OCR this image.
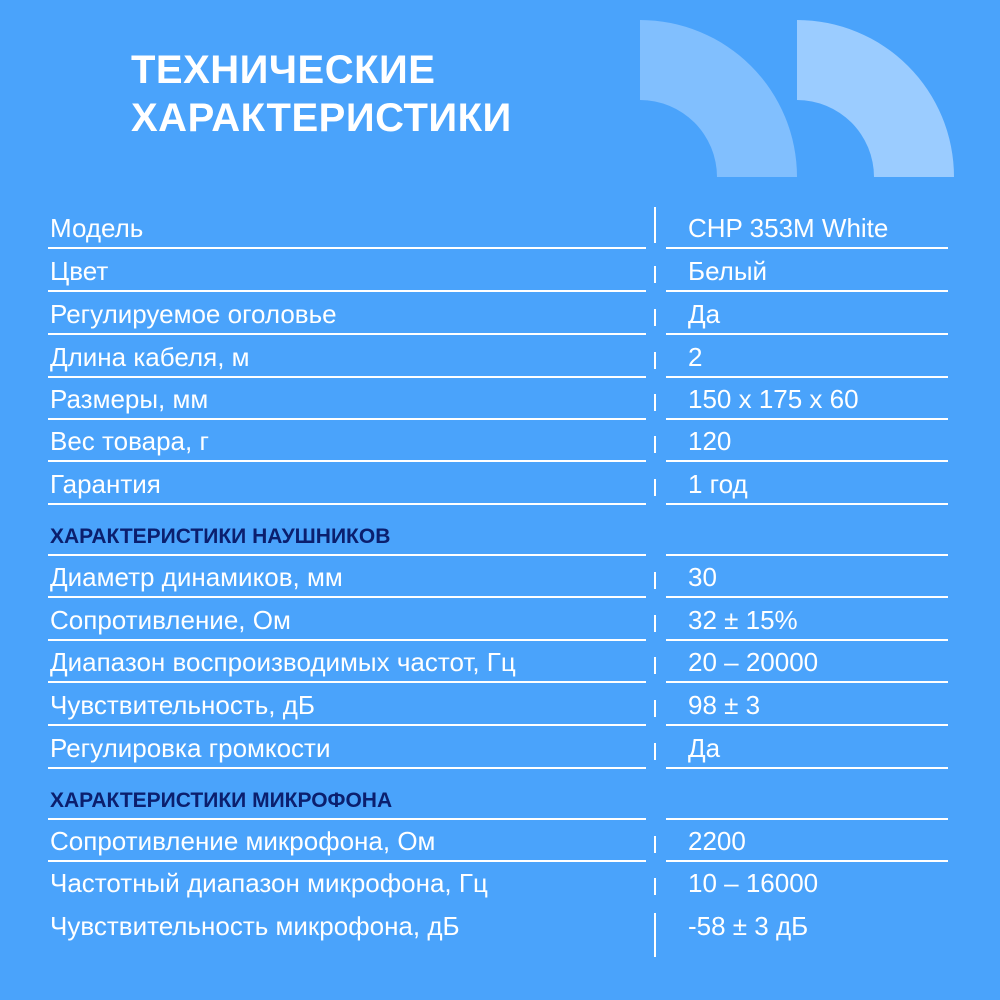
ТЕХНИЧЕСКИЕ
ХАРАКТЕРИСТИКИ
Модель	CHP 353M White
Цвет	Белый
Регулируемое оголовье	Да
Длина кабеля, м	2
Размеры, мм	150 x 175 x 60
Вес товара, г	120
Гарантия	1 год
ХАРАКТЕРИСТИКИ НАУШНИКОВ
Диаметр динамиков, мм	30
Сопротивление, Ом	32 ± 15%
Диапазон воспроизводимых частот, Гц	20 – 20000
Чувствительность, дБ	98 ± 3
Регулировка громкости	Да
ХАРАКТЕРИСТИКИ МИКРОФОНА
Сопротивление микрофона, Ом	2200
Частотный диапазон микрофона, Гц	10 – 16000
Чувствительность микрофона, дБ	-58 ± 3 дБ
